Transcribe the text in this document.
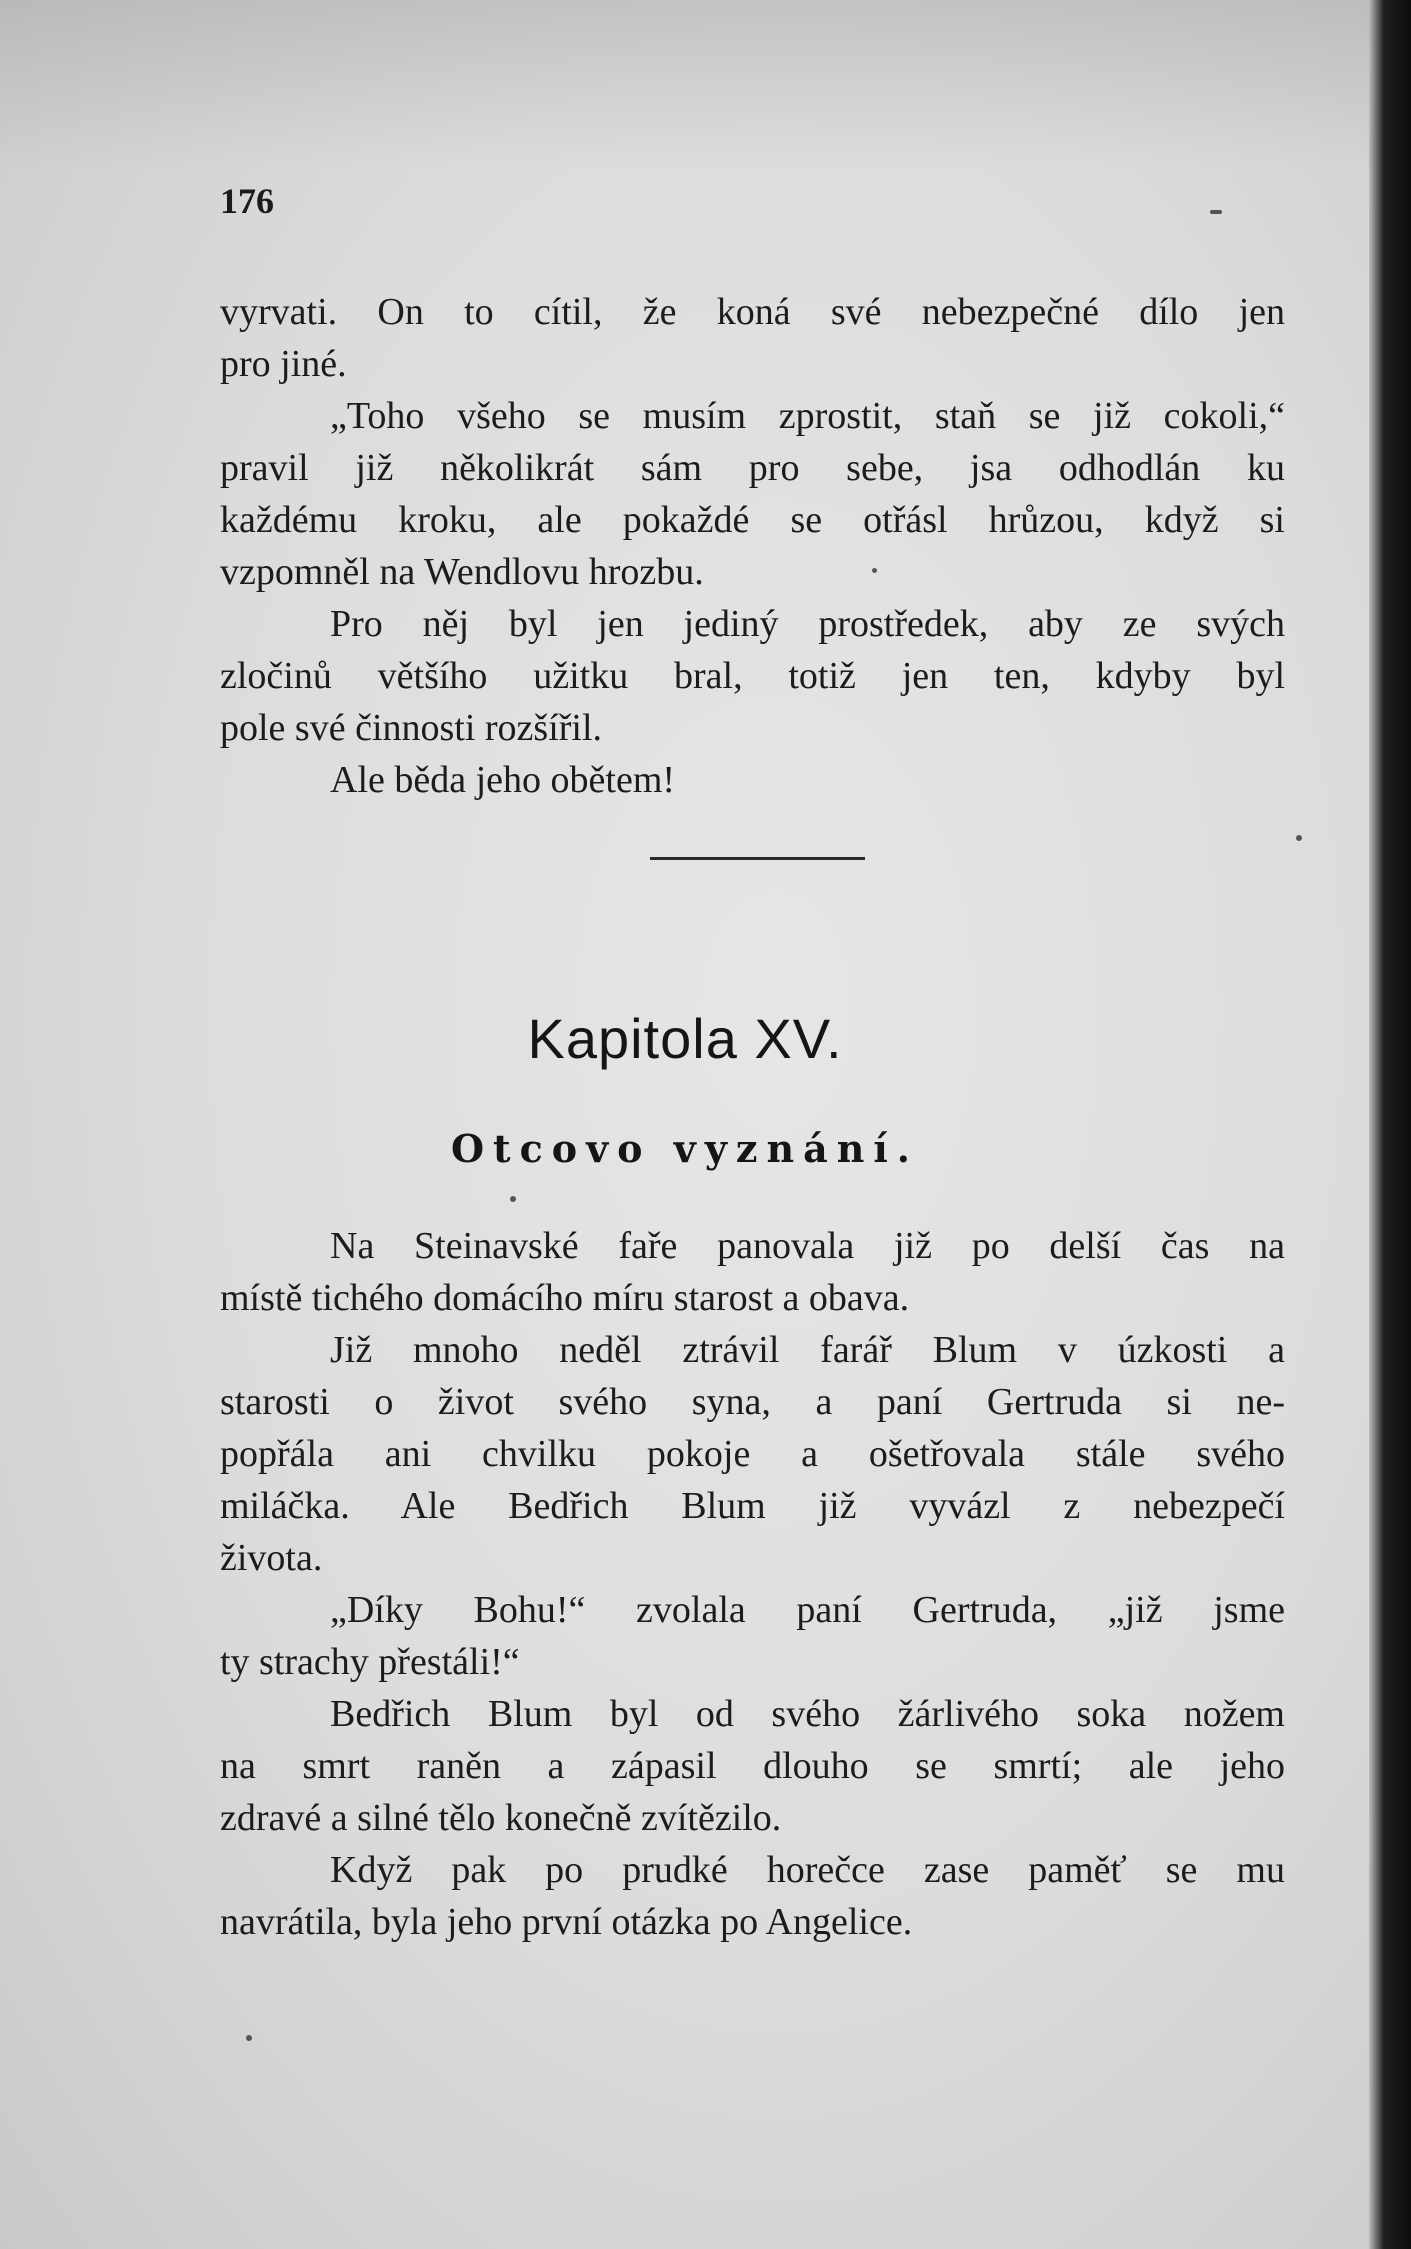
176
vyrvati. On to cítil, že koná své nebezpečné dílo jen
pro jiné.
„Toho všeho se musím zprostit, staň se již cokoli,“
pravil již několikrát sám pro sebe, jsa odhodlán ku
každému kroku, ale pokaždé se otřásl hrůzou, když si
vzpomněl na Wendlovu hrozbu.
Pro něj byl jen jediný prostředek, aby ze svých
zločinů většího užitku bral, totiž jen ten, kdyby byl
pole své činnosti rozšířil.
Ale běda jeho obětem!
Kapitola XV.
Otcovo vyznání.
Na Steinavské faře panovala již po delší čas na
místě tichého domácího míru starost a obava.
Již mnoho neděl ztrávil farář Blum v úzkosti a
starosti o život svého syna, a paní Gertruda si ne-
popřála ani chvilku pokoje a ošetřovala stále svého
miláčka. Ale Bedřich Blum již vyvázl z nebezpečí
života.
„Díky Bohu!“ zvolala paní Gertruda, „již jsme
ty strachy přestáli!“
Bedřich Blum byl od svého žárlivého soka nožem
na smrt raněn a zápasil dlouho se smrtí; ale jeho
zdravé a silné tělo konečně zvítězilo.
Když pak po prudké horečce zase paměť se mu
navrátila, byla jeho první otázka po Angelice.
